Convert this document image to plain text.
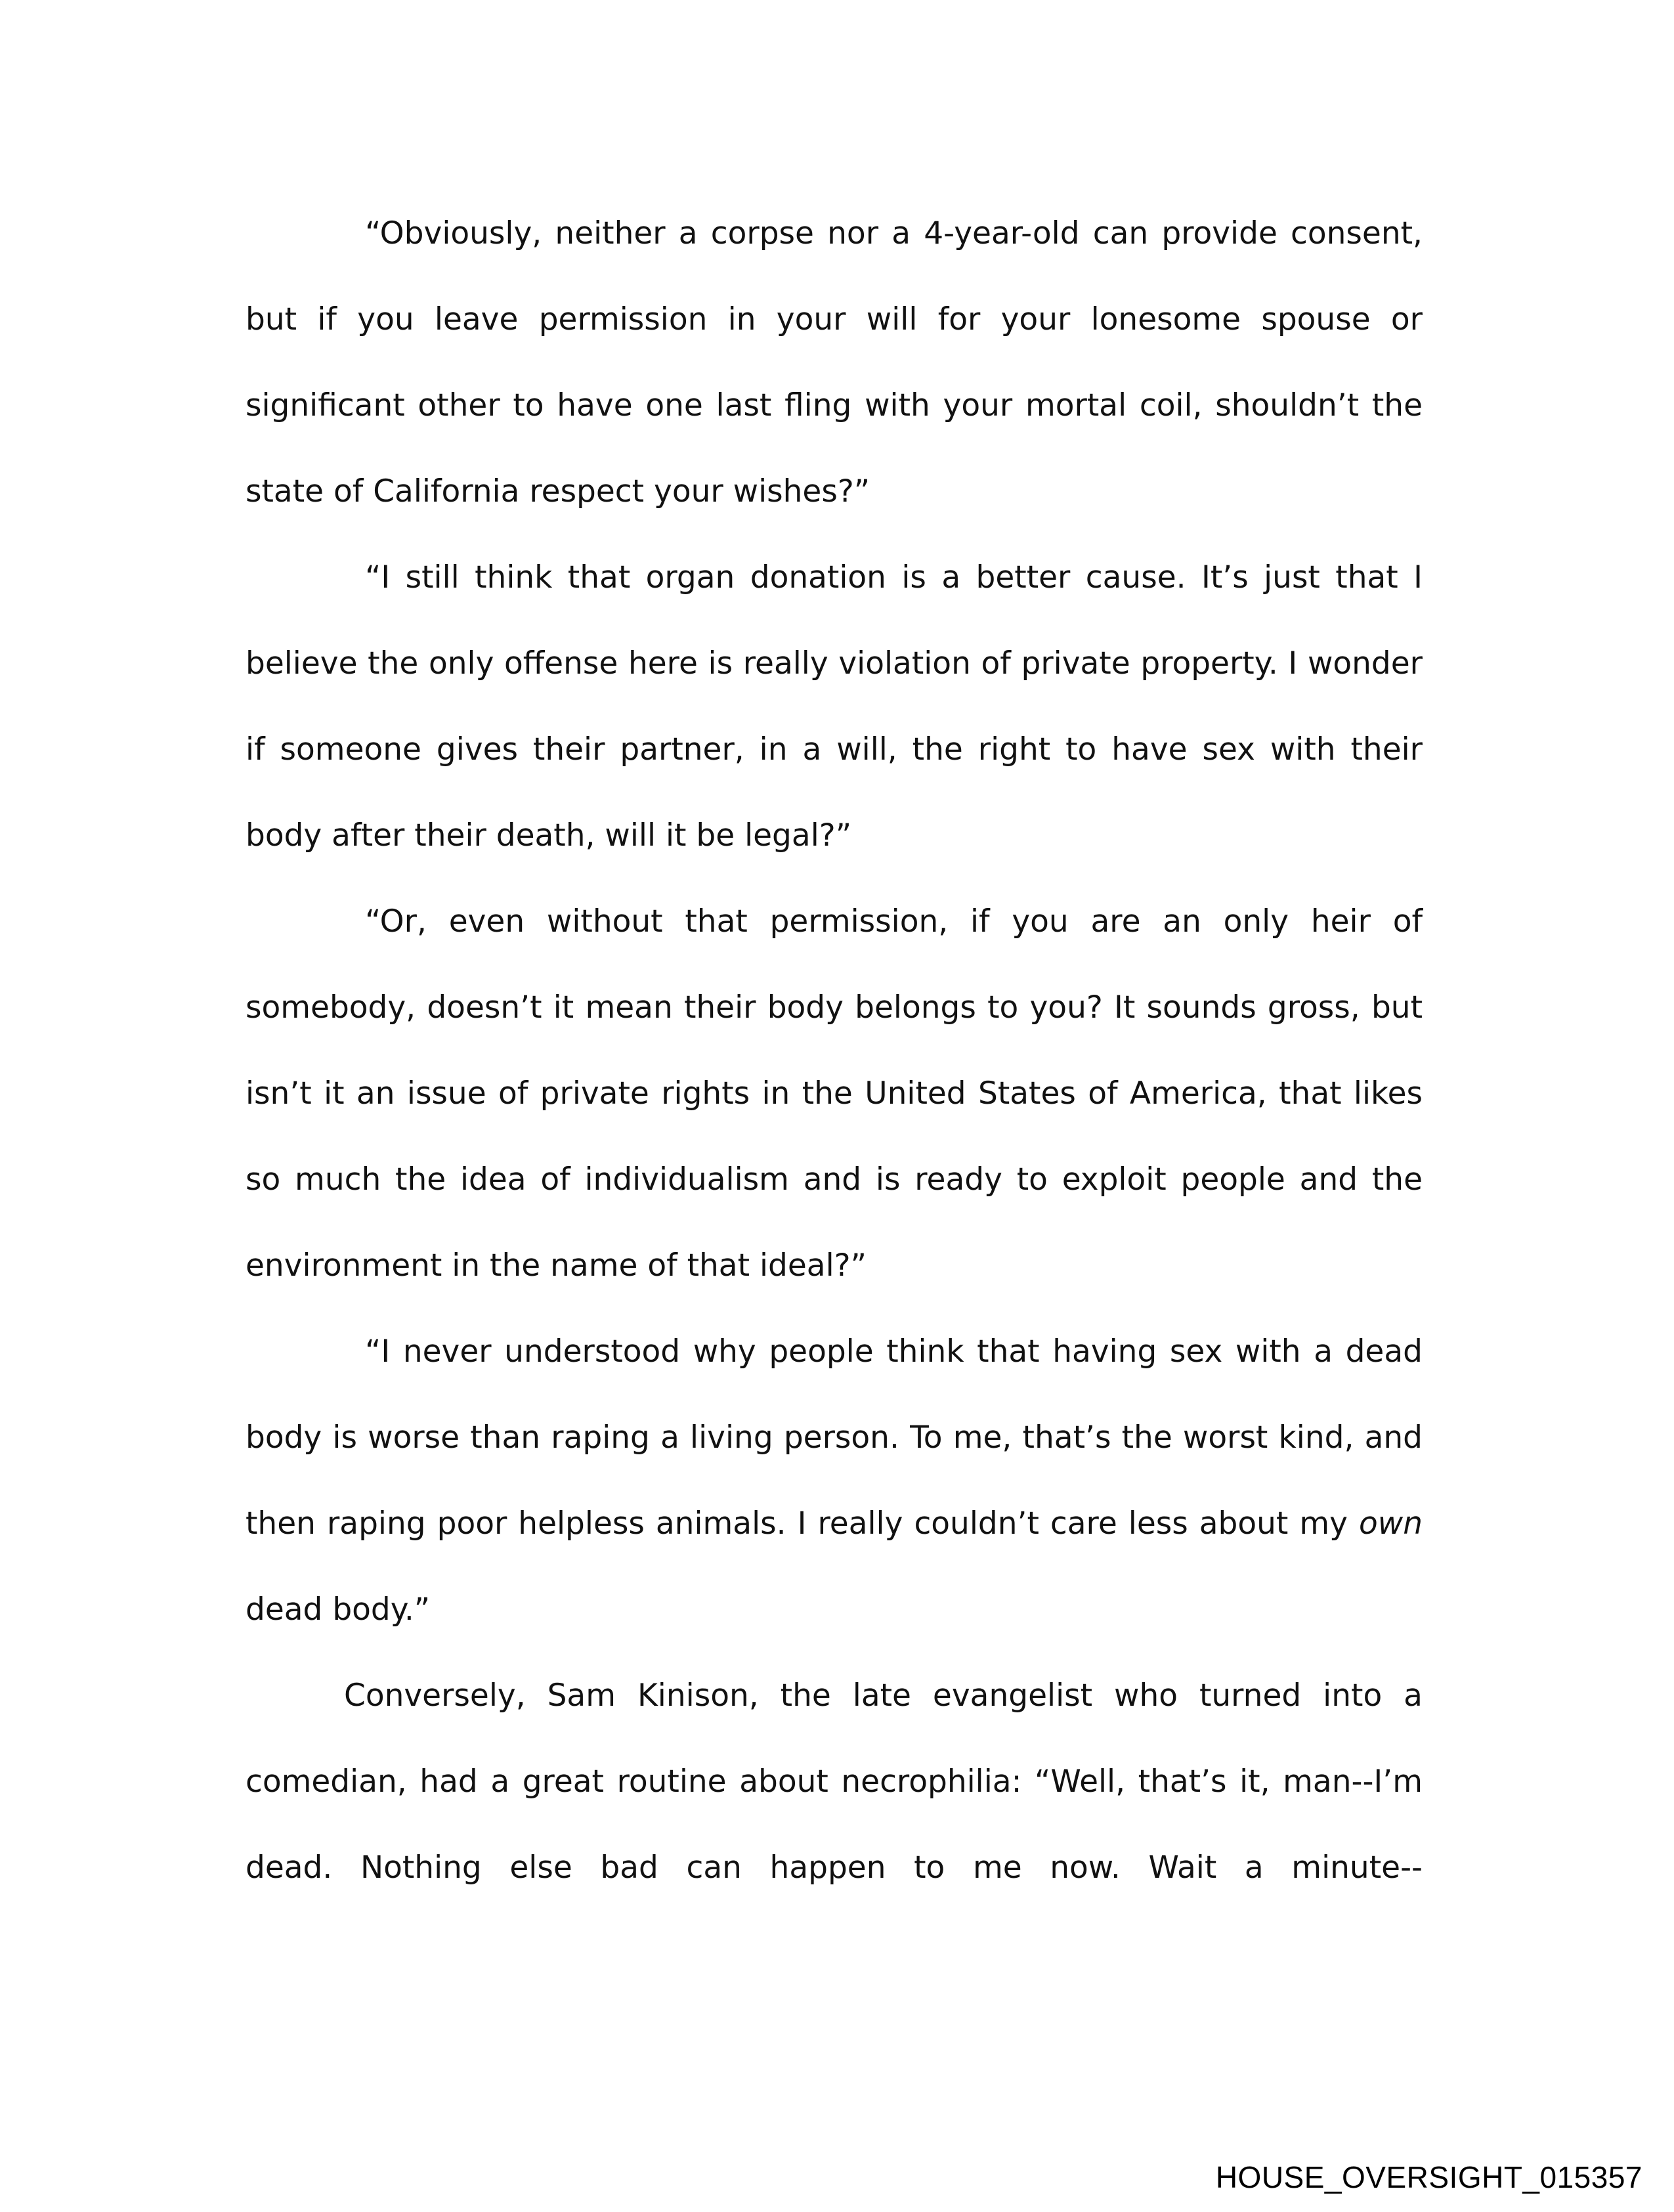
“Obviously, neither a corpse nor a 4-year-old can provide consent, but if you leave permission in your will for your lonesome spouse or significant other to have one last fling with your mortal coil, shouldn’t the state of California respect your wishes?”

“I still think that organ donation is a better cause. It’s just that I believe the only offense here is really violation of private property. I wonder if someone gives their partner, in a will, the right to have sex with their body after their death, will it be legal?”

“Or, even without that permission, if you are an only heir of somebody, doesn’t it mean their body belongs to you? It sounds gross, but isn’t it an issue of private rights in the United States of America, that likes so much the idea of individualism and is ready to exploit people and the environment in the name of that ideal?”

“I never understood why people think that having sex with a dead body is worse than raping a living person. To me, that’s the worst kind, and then raping poor helpless animals. I really couldn’t care less about my own dead body.”

Conversely, Sam Kinison, the late evangelist who turned into a comedian, had a great routine about necrophilia: “Well, that’s it, man--I’m dead. Nothing else bad can happen to me now. Wait a minute--

HOUSE_OVERSIGHT_015357
